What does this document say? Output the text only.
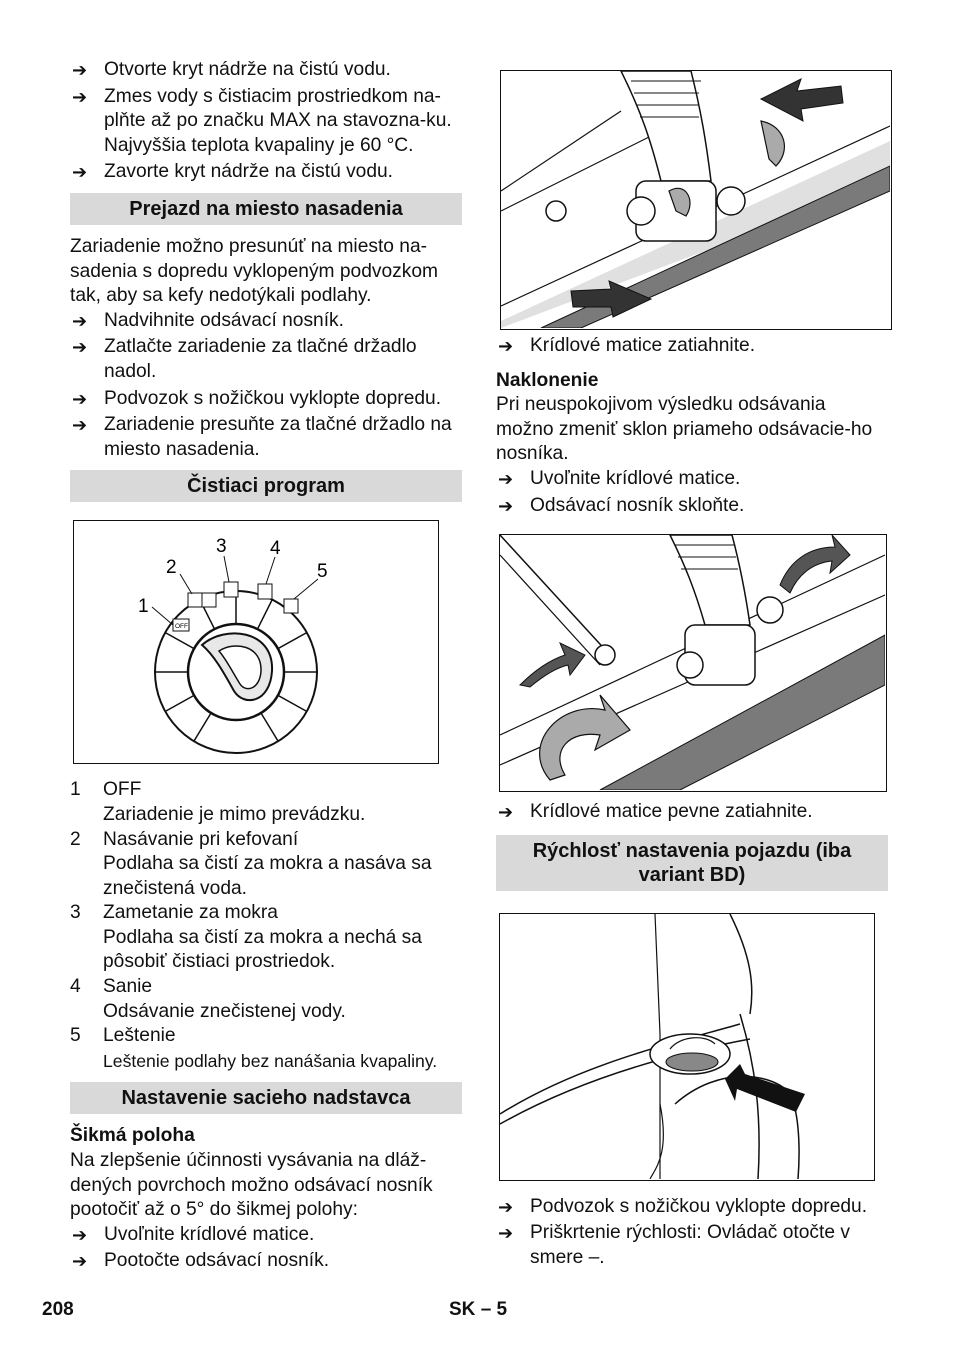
➔ Otvorte kryt nádrže na čistú vodu.
➔ Zmes vody s čistiacim prostriedkom na-plňte až po značku MAX na stavozna-ku. Najvyššia teplota kvapaliny je 60 °C.
➔ Zavorte kryt nádrže na čistú vodu.
Prejazd na miesto nasadenia

Zariadenie možno presunúť na miesto na-sadenia s dopredu vyklopeným podvozkom tak, aby sa kefy nedotýkali podlahy.

➔ Nadvihnite odsávací nosník.
➔ Zatlačte zariadenie za tlačné držadlo nadol.
➔ Podvozok s nožičkou vyklopte dopredu.
➔ Zariadenie presuňte za tlačné držadlo na miesto nasadenia.
Čistiaci program
OFF
1
2
3 4
5
1	OFF
Zariadenie je mimo prevádzku.
2	Nasávanie pri kefovaní
Podlaha sa čistí za mokra a nasáva sa znečistená voda.
3	Zametanie za mokra
Podlaha sa čistí za mokra a nechá sa pôsobiť čistiaci prostriedok.
4	Sanie
Odsávanie znečistenej vody.
5	Leštenie
Leštenie podlahy bez nanášania kvapaliny.
Nastavenie sacieho nadstavca
Šikmá poloha

Na zlepšenie účinnosti vysávania na dláž-dených povrchoch možno odsávací nosník pootočiť až o 5° do šikmej polohy:

➔ Uvoľnite krídlové matice.
➔ Pootočte odsávací nosník.
➔ Krídlové matice zatiahnite.
Naklonenie

Pri neuspokojivom výsledku odsávania možno zmeniť sklon priameho odsávacie-ho nosníka.

➔ Uvoľnite krídlové matice.
➔ Odsávací nosník skloňte.
➔ Krídlové matice pevne zatiahnite.
Rýchlosť nastavenia pojazdu (iba variant BD)
➔ Podvozok s nožičkou vyklopte dopredu.
➔ Priškrtenie rýchlosti: Ovládač otočte v smere –.
208	SK – 5
